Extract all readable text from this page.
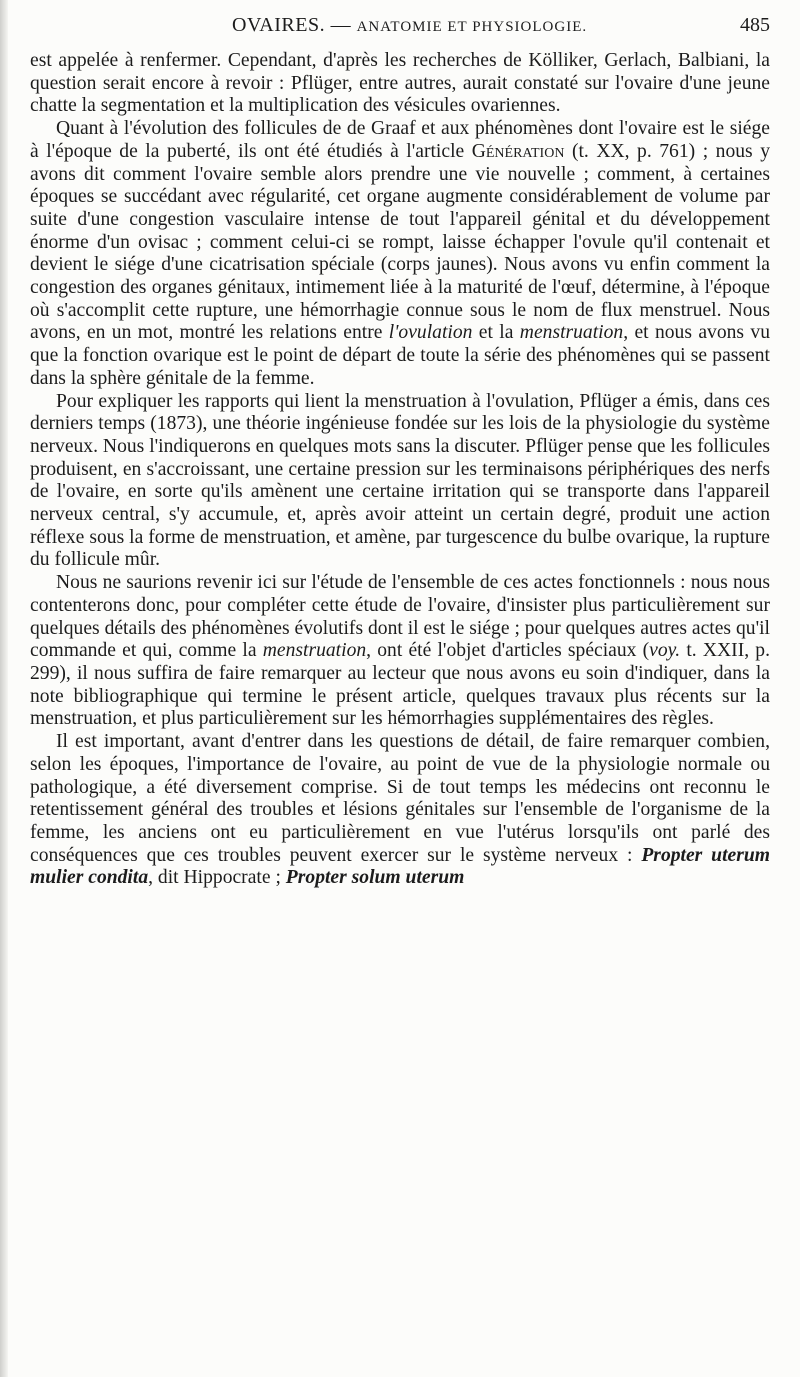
OVAIRES. — ANATOMIE ET PHYSIOLOGIE.	485

est appelée à renfermer. Cependant, d'après les recherches de Kölliker, Gerlach, Balbiani, la question serait encore à revoir : Pflüger, entre autres, aurait constaté sur l'ovaire d'une jeune chatte la segmentation et la multiplication des vésicules ovariennes.

Quant à l'évolution des follicules de de Graaf et aux phénomènes dont l'ovaire est le siége à l'époque de la puberté, ils ont été étudiés à l'article Génération (t. XX, p. 761) ; nous y avons dit comment l'ovaire semble alors prendre une vie nouvelle ; comment, à certaines époques se succédant avec régularité, cet organe augmente considérablement de volume par suite d'une congestion vasculaire intense de tout l'appareil génital et du développement énorme d'un ovisac ; comment celui-ci se rompt, laisse échapper l'ovule qu'il contenait et devient le siége d'une cicatrisation spéciale (corps jaunes). Nous avons vu enfin comment la congestion des organes génitaux, intimement liée à la maturité de l'œuf, détermine, à l'époque où s'accomplit cette rupture, une hémorrhagie connue sous le nom de flux menstruel. Nous avons, en un mot, montré les relations entre l'ovulation et la menstruation, et nous avons vu que la fonction ovarique est le point de départ de toute la série des phénomènes qui se passent dans la sphère génitale de la femme.

Pour expliquer les rapports qui lient la menstruation à l'ovulation, Pflüger a émis, dans ces derniers temps (1873), une théorie ingénieuse fondée sur les lois de la physiologie du système nerveux. Nous l'indiquerons en quelques mots sans la discuter. Pflüger pense que les follicules produisent, en s'accroissant, une certaine pression sur les terminaisons périphériques des nerfs de l'ovaire, en sorte qu'ils amènent une certaine irritation qui se transporte dans l'appareil nerveux central, s'y accumule, et, après avoir atteint un certain degré, produit une action réflexe sous la forme de menstruation, et amène, par turgescence du bulbe ovarique, la rupture du follicule mûr.

Nous ne saurions revenir ici sur l'étude de l'ensemble de ces actes fonctionnels : nous nous contenterons donc, pour compléter cette étude de l'ovaire, d'insister plus particulièrement sur quelques détails des phénomènes évolutifs dont il est le siége ; pour quelques autres actes qu'il commande et qui, comme la menstruation, ont été l'objet d'articles spéciaux (voy. t. XXII, p. 299), il nous suffira de faire remarquer au lecteur que nous avons eu soin d'indiquer, dans la note bibliographique qui termine le présent article, quelques travaux plus récents sur la menstruation, et plus particulièrement sur les hémorrhagies supplémentaires des règles.

Il est important, avant d'entrer dans les questions de détail, de faire remarquer combien, selon les époques, l'importance de l'ovaire, au point de vue de la physiologie normale ou pathologique, a été diversement comprise. Si de tout temps les médecins ont reconnu le retentissement général des troubles et lésions génitales sur l'ensemble de l'organisme de la femme, les anciens ont eu particulièrement en vue l'utérus lorsqu'ils ont parlé des conséquences que ces troubles peuvent exercer sur le système nerveux : Propter uterum mulier condita, dit Hippocrate ; Propter solum uterum
